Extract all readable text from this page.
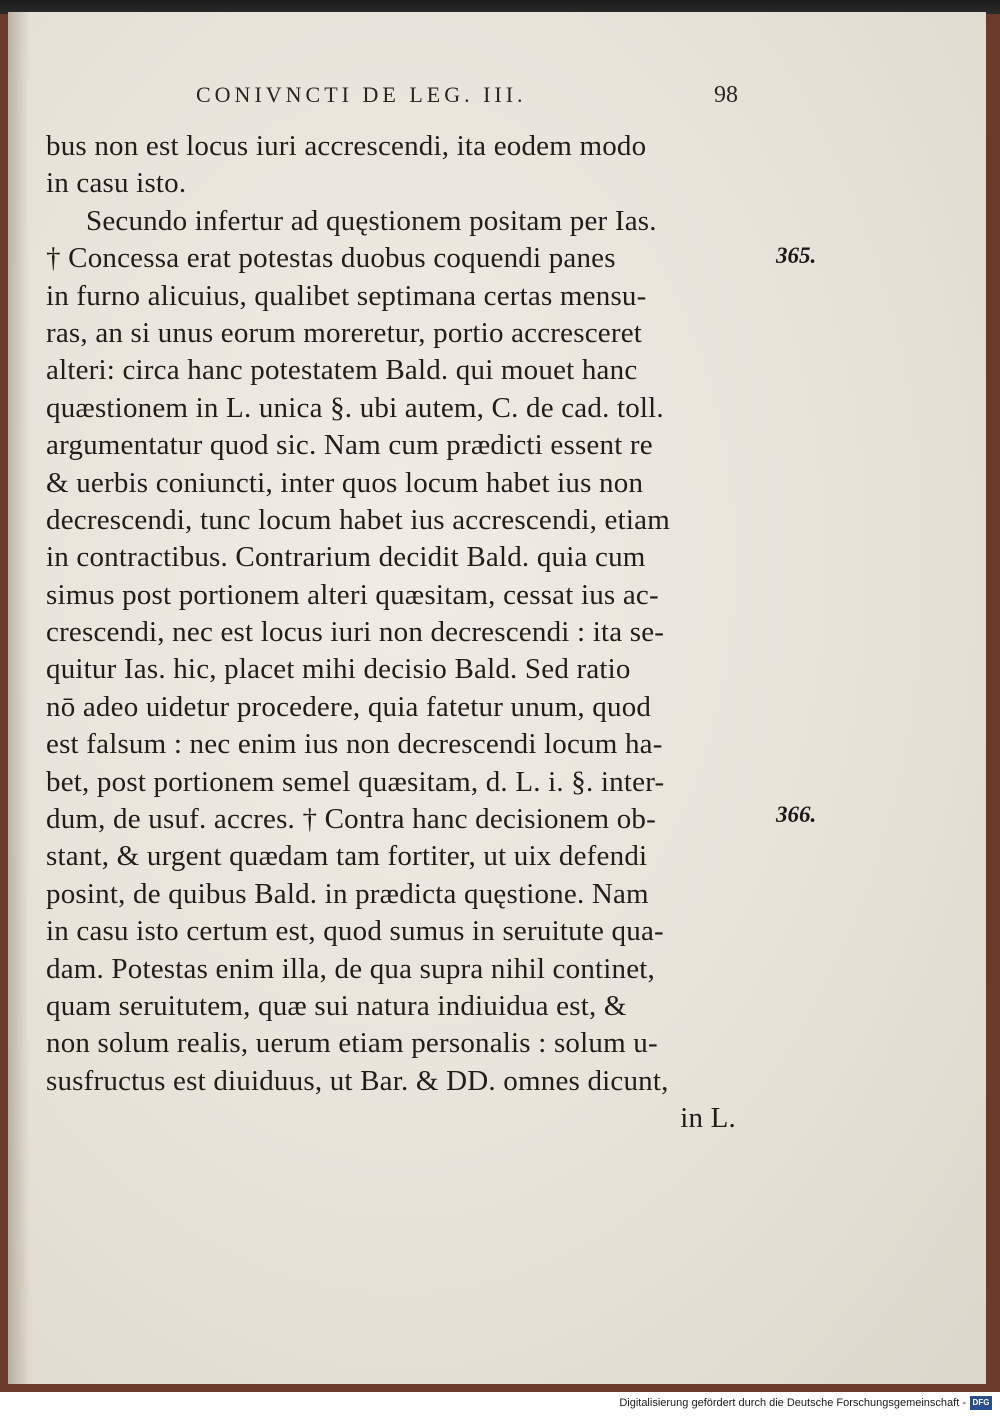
CONIVNCTI DE LEG. III.	98
bus non est locus iuri accrescendi, ita eodem modo
in casu isto.
Secundo infertur ad quęstionem positam per Ias.
† Concessa erat potestas duobus coquendi panes
in furno alicuius, qualibet septimana certas mensu-
ras, an si unus eorum moreretur, portio accresceret
alteri: circa hanc potestatem Bald. qui mouet hanc
quæstionem in L. unica §. ubi autem, C. de cad. toll.
argumentatur quod sic. Nam cum prædicti essent re
& uerbis coniuncti, inter quos locum habet ius non
decrescendi, tunc locum habet ius accrescendi, etiam
in contractibus. Contrarium decidit Bald. quia cum
simus post portionem alteri quæsitam, cessat ius ac-
crescendi, nec est locus iuri non decrescendi : ita se-
quitur Ias. hic, placet mihi decisio Bald. Sed ratio
nō adeo uidetur procedere, quia fatetur unum, quod
est falsum : nec enim ius non decrescendi locum ha-
bet, post portionem semel quæsitam, d. L. i. §. inter-
dum, de usuf. accres. † Contra hanc decisionem ob-
stant, & urgent quædam tam fortiter, ut uix defendi
posint, de quibus Bald. in prædicta quęstione. Nam
in casu isto certum est, quod sumus in seruitute qua-
dam. Potestas enim illa, de qua supra nihil continet,
quam seruitutem, quæ sui natura indiuidua est, &
non solum realis, uerum etiam personalis : solum u-
susfructus est diuiduus, ut Bar. & DD. omnes dicunt,
in L.
365.
366.
Digitalisierung gefördert durch die Deutsche Forschungsgemeinschaft - DFG
